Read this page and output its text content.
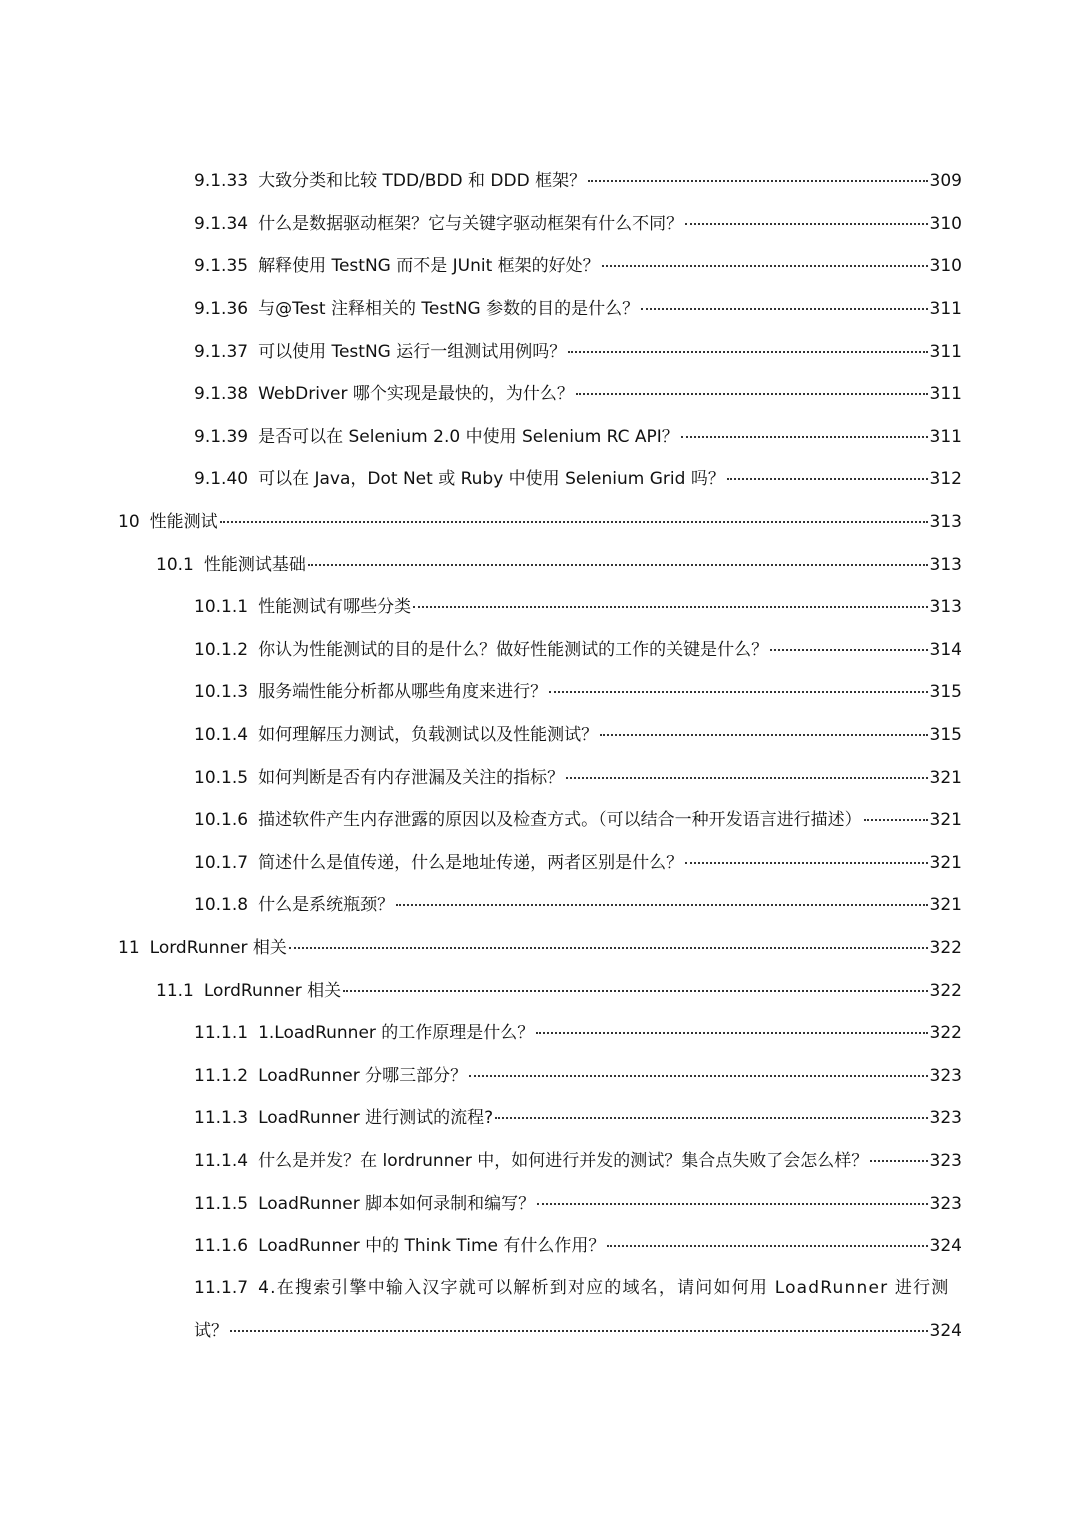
9.1.33 大致分类和比较 TDD/BDD 和 DDD 框架？	309
9.1.34 什么是数据驱动框架？它与关键字驱动框架有什么不同？	310
9.1.35 解释使用 TestNG 而不是 JUnit 框架的好处？	310
9.1.36 与@Test 注释相关的 TestNG 参数的目的是什么？	311
9.1.37 可以使用 TestNG 运行一组测试用例吗？	311
9.1.38 WebDriver 哪个实现是最快的，为什么？	311
9.1.39 是否可以在 Selenium 2.0 中使用 Selenium RC API？	311
9.1.40 可以在 Java，Dot Net 或 Ruby 中使用 Selenium Grid 吗？	312
10 性能测试	313
10.1 性能测试基础	313
10.1.1 性能测试有哪些分类	313
10.1.2 你认为性能测试的目的是什么？做好性能测试的工作的关键是什么？	314
10.1.3 服务端性能分析都从哪些角度来进行？	315
10.1.4 如何理解压力测试，负载测试以及性能测试？	315
10.1.5 如何判断是否有内存泄漏及关注的指标？	321
10.1.6 描述软件产生内存泄露的原因以及检查方式。（可以结合一种开发语言进行描述）	321
10.1.7 简述什么是值传递，什么是地址传递，两者区别是什么？	321
10.1.8 什么是系统瓶颈？	321
11 LordRunner 相关	322
11.1 LordRunner 相关	322
11.1.1 1.LoadRunner 的工作原理是什么？	322
11.1.2 LoadRunner 分哪三部分？	323
11.1.3 LoadRunner 进行测试的流程?	323
11.1.4 什么是并发？在 lordrunner 中，如何进行并发的测试？集合点失败了会怎么样？	323
11.1.5 LoadRunner 脚本如何录制和编写？	323
11.1.6 LoadRunner 中的 Think Time 有什么作用？	324
11.1.7 4.在搜索引擎中输入汉字就可以解析到对应的域名，请问如何用 LoadRunner 进行测
试？	324
